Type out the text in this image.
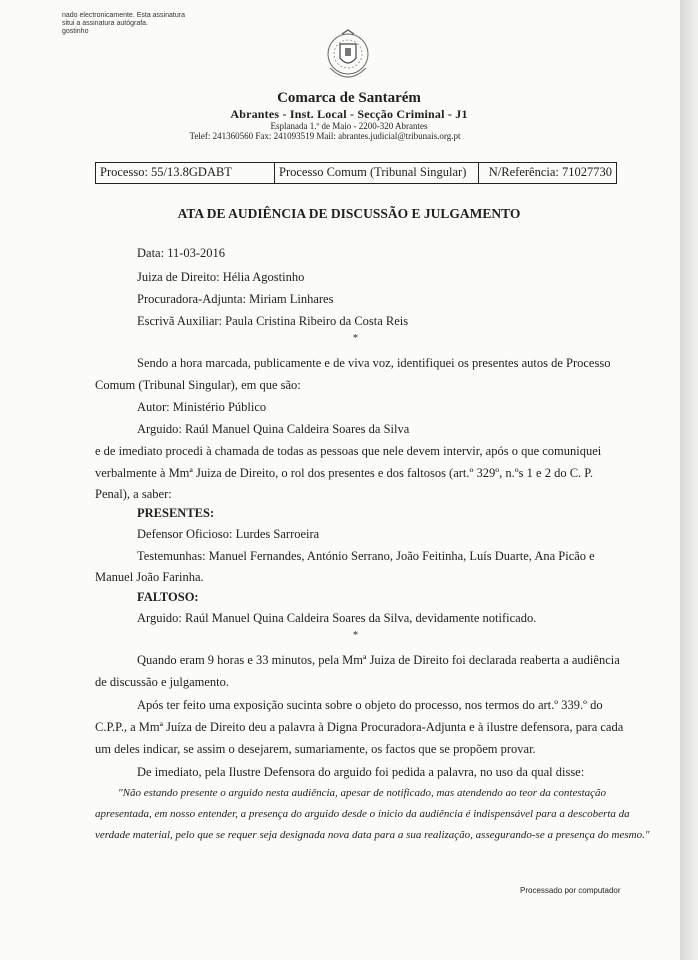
nado electronicamente. Esta assinatura
situi a assinatura autógrafa.
gostinho
Comarca de Santarém
Abrantes - Inst. Local - Secção Criminal - J1
Esplanada 1.º de Maio - 2200-320 Abrantes
Telef: 241360560 Fax: 241093519 Mail: abrantes.judicial@tribunais.org.pt
Processo: 55/13.8GDABT	Processo Comum (Tribunal Singular)	N/Referência: 71027730
ATA DE AUDIÊNCIA DE DISCUSSÃO E JULGAMENTO
Data: 11-03-2016
Juiza de Direito: Hélia Agostinho
Procuradora-Adjunta: Miriam Linhares
Escrivã Auxiliar: Paula Cristina Ribeiro da Costa Reis
*
Sendo a hora marcada, publicamente e de viva voz, identifiquei os presentes autos de Processo
Comum (Tribunal Singular), em que são:
Autor: Ministério Público
Arguido: Raúl Manuel Quina Caldeira Soares da Silva
e de imediato procedi à chamada de todas as pessoas que nele devem intervir, após o que comuniquei
verbalmente à Mmª Juiza de Direito, o rol dos presentes e dos faltosos (art.º 329º, n.ºs 1 e 2 do C. P.
Penal), a saber:
PRESENTES:
Defensor Oficioso: Lurdes Sarroeira
Testemunhas: Manuel Fernandes, António Serrano, João Feitinha, Luís Duarte, Ana Picão e
Manuel João Farinha.
FALTOSO:
Arguido: Raúl Manuel Quina Caldeira Soares da Silva, devidamente notificado.
*
Quando eram 9 horas e 33 minutos, pela Mmª Juiza de Direito foi declarada reaberta a audiência
de discussão e julgamento.
Após ter feito uma exposição sucinta sobre o objeto do processo, nos termos do art.º 339.º do
C.P.P., a Mmª Juíza de Direito deu a palavra à Digna Procuradora-Adjunta e à ilustre defensora, para cada
um deles indicar, se assim o desejarem, sumariamente, os factos que se propõem provar.
De imediato, pela Ilustre Defensora do arguido foi pedida a palavra, no uso da qual disse:
"Não estando presente o arguido nesta audiência, apesar de notificado, mas atendendo ao teor da contestação
apresentada, em nosso entender, a presença do arguido desde o inicio da audiência é indispensável para a descoberta da
verdade material, pelo que se requer seja designada nova data para a sua realização, assegurando-se a presença do mesmo."
Processado por computador
